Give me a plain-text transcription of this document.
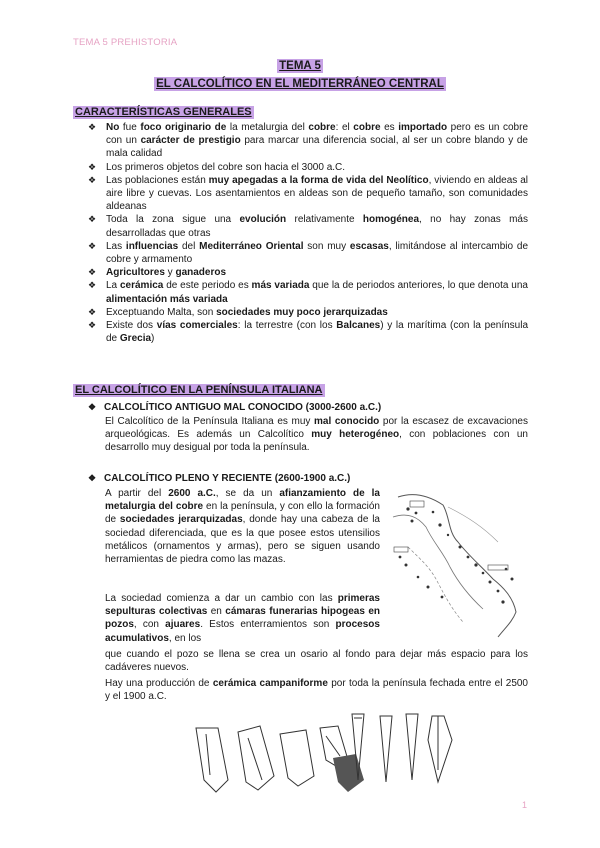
TEMA 5 PREHISTORIA
TEMA 5
EL CALCOLÍTICO EN EL MEDITERRÁNEO CENTRAL
CARACTERÍSTICAS GENERALES
❖ No fue foco originario de la metalurgia del cobre: el cobre es importado pero es un cobre con un carácter de prestigio para marcar una diferencia social, al ser un cobre blando y de mala calidad
❖ Los primeros objetos del cobre son hacia el 3000 a.C.
❖ Las poblaciones están muy apegadas a la forma de vida del Neolítico, viviendo en aldeas al aire libre y cuevas. Los asentamientos en aldeas son de pequeño tamaño, son comunidades aldeanas
❖ Toda la zona sigue una evolución relativamente homogénea, no hay zonas más desarrolladas que otras
❖ Las influencias del Mediterráneo Oriental son muy escasas, limitándose al intercambio de cobre y armamento
❖ Agricultores y ganaderos
❖ La cerámica de este periodo es más variada que la de periodos anteriores, lo que denota una alimentación más variada
❖ Exceptuando Malta, son sociedades muy poco jerarquizadas
❖ Existe dos vías comerciales: la terrestre (con los Balcanes) y la marítima (con la península de Grecia)
EL CALCOLÍTICO EN LA PENÍNSULA ITALIANA
❖ CALCOLÍTICO ANTIGUO MAL CONOCIDO (3000-2600 a.C.)
El Calcolítico de la Península Italiana es muy mal conocido por la escasez de excavaciones arqueológicas. Es además un Calcolítico muy heterogéneo, con poblaciones con un desarrollo muy desigual por toda la península.
❖ CALCOLÍTICO PLENO Y RECIENTE (2600-1900 a.C.)
A partir del 2600 a.C., se da un afianzamiento de la metalurgia del cobre en la península, y con ello la formación de sociedades jerarquizadas, donde hay una cabeza de la sociedad diferenciada, que es la que posee estos utensilios metálicos (ornamentos y armas), pero se siguen usando herramientas de piedra como las mazas.
La sociedad comienza a dar un cambio con las primeras sepulturas colectivas en cámaras funerarias hipogeas en pozos, con ajuares. Estos enterramientos son procesos acumulativos, en los
que cuando el pozo se llena se crea un osario al fondo para dejar más espacio para los cadáveres nuevos.
Hay una producción de cerámica campaniforme por toda la península fechada entre el 2500 y el 1900 a.C.
1
